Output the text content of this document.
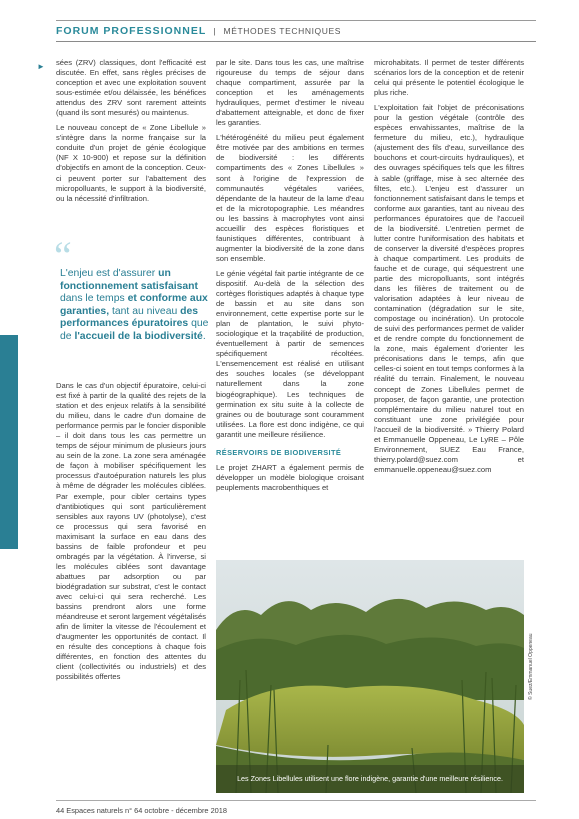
FORUM PROFESSIONNEL | MÉTHODES TECHNIQUES
► sées (ZRV) classiques, dont l'efficacité est discutée. En effet, sans règles précises de conception et avec une exploitation souvent sous-estimée et/ou délaissée, les bénéfices attendus des ZRV sont rarement atteints (quand ils sont mesurés) ou maintenus.

Le nouveau concept de « Zone Libellule » s'intègre dans la norme française sur la conduite d'un projet de génie écologique (NF X 10-900) et repose sur la définition d'objectifs en amont de la conception. Ceux-ci peuvent porter sur l'abattement des micropolluants, le support à la biodiversité, ou la nécessité d'infiltration.

“
L'enjeu est d'assurer un fonctionnement satisfaisant dans le temps et conforme aux garanties, tant au niveau des performances épuratoires que de l'accueil de la biodiversité.

Dans le cas d'un objectif épuratoire, celui-ci est fixé à partir de la qualité des rejets de la station et des enjeux relatifs à la sensibilité du milieu, dans le cadre d'un domaine de performance permis par le foncier disponible – il doit dans tous les cas permettre un temps de séjour minimum de plusieurs jours au sein de la zone. La zone sera aménagée de façon à mobiliser spécifiquement les processus d'autoépuration naturels les plus à même de dégrader les molécules ciblées. Par exemple, pour cibler certains types d'antibiotiques qui sont particulièrement sensibles aux rayons UV (photolyse), c'est ce processus qui sera favorisé en maximisant la surface en eau dans des bassins de faible profondeur et peu ombragés par la végétation. À l'inverse, si les molécules ciblées sont davantage abattues par adsorption ou par biodégradation sur substrat, c'est le contact avec celui-ci qui sera recherché. Les bassins prendront alors une forme méandreuse et seront largement végétalisés afin de limiter la vitesse de l'écoulement et d'augmenter les opportunités de contact. Il en résulte des conceptions à chaque fois différentes, en fonction des attentes du client (collectivités ou industriels) et des possibilités offertes

par le site. Dans tous les cas, une maîtrise rigoureuse du temps de séjour dans chaque compartiment, assurée par la conception et les aménagements hydrauliques, permet d'estimer le niveau d'abattement atteignable, et donc de fixer les garanties.

L'hétérogénéité du milieu peut également être motivée par des ambitions en termes de biodiversité : les différents compartiments des « Zones Libellules » sont à l'origine de l'expression de communautés végétales variées, dépendante de la hauteur de la lame d'eau et de la microtopographie. Les méandres ou les bassins à macrophytes vont ainsi accueillir des espèces floristiques et faunistiques différentes, contribuant à augmenter la biodiversité de la zone dans son ensemble.

Le génie végétal fait partie intégrante de ce dispositif. Au-delà de la sélection des cortèges floristiques adaptés à chaque type de bassin et au site dans son environnement, cette expertise porte sur le plan de plantation, le suivi phyto-sociologique et la traçabilité de production, éventuellement à partir de semences spécifiquement récoltées. L'ensemencement est réalisé en utilisant des souches locales (se développant naturellement dans la zone biogéographique). Les techniques de germination ex situ suite à la collecte de graines ou de bouturage sont couramment utilisées. La flore est donc indigène, ce qui garantit une meilleure résilience.

RÉSERVOIRS DE BIODIVERSITÉ

Le projet ZHART a également permis de développer un modèle biologique croisant peuplements macrobenthiques et

microhabitats. Il permet de tester différents scénarios lors de la conception et de retenir celui qui présente le potentiel écologique le plus riche.

L'exploitation fait l'objet de préconisations pour la gestion végétale (contrôle des espèces envahissantes, maîtrise de la fermeture du milieu, etc.), hydraulique (ajustement des fils d'eau, surveillance des bouchons et court-circuits hydrauliques), et des ouvrages spécifiques tels que les filtres à sable (griffage, mise à sec alternée des filtes, etc.). L'enjeu est d'assurer un fonctionnement satisfaisant dans le temps et conforme aux garanties, tant au niveau des performances épuratoires que de l'accueil de la biodiversité. L'entretien permet de lutter contre l'uniformisation des habitats et de conserver la diversité d'espèces propres à chaque compartiment. Les produits de fauche et de curage, qui séquestrent une partie des micropolluants, sont intégrés dans les filières de traitement ou de valorisation adaptées à leur niveau de contamination (dégradation sur le site, compostage ou incinération). Un protocole de suivi des performances permet de valider et de rendre compte du fonctionnement de la zone, mais également d'orienter les préconisations dans le temps, afin que celles-ci soient en tout temps conformes à la réalité du terrain. Finalement, le nouveau concept de Zones Libellules permet de proposer, de façon garantie, une protection complémentaire du milieu naturel tout en constituant une zone privilégiée pour l'accueil de la biodiversité. » Thierry Polard et Emmanuelle Oppeneau, Le LyRE – Pôle Environnement, SUEZ Eau France, thierry.polard@suez.com et emmanuelle.oppeneau@suez.com

Les Zones Libellules utilisent une flore indigène, garantie d'une meilleure résilience.
© Suez/Emmanuel Oppeneau
44 Espaces naturels n° 64 octobre - décembre 2018
